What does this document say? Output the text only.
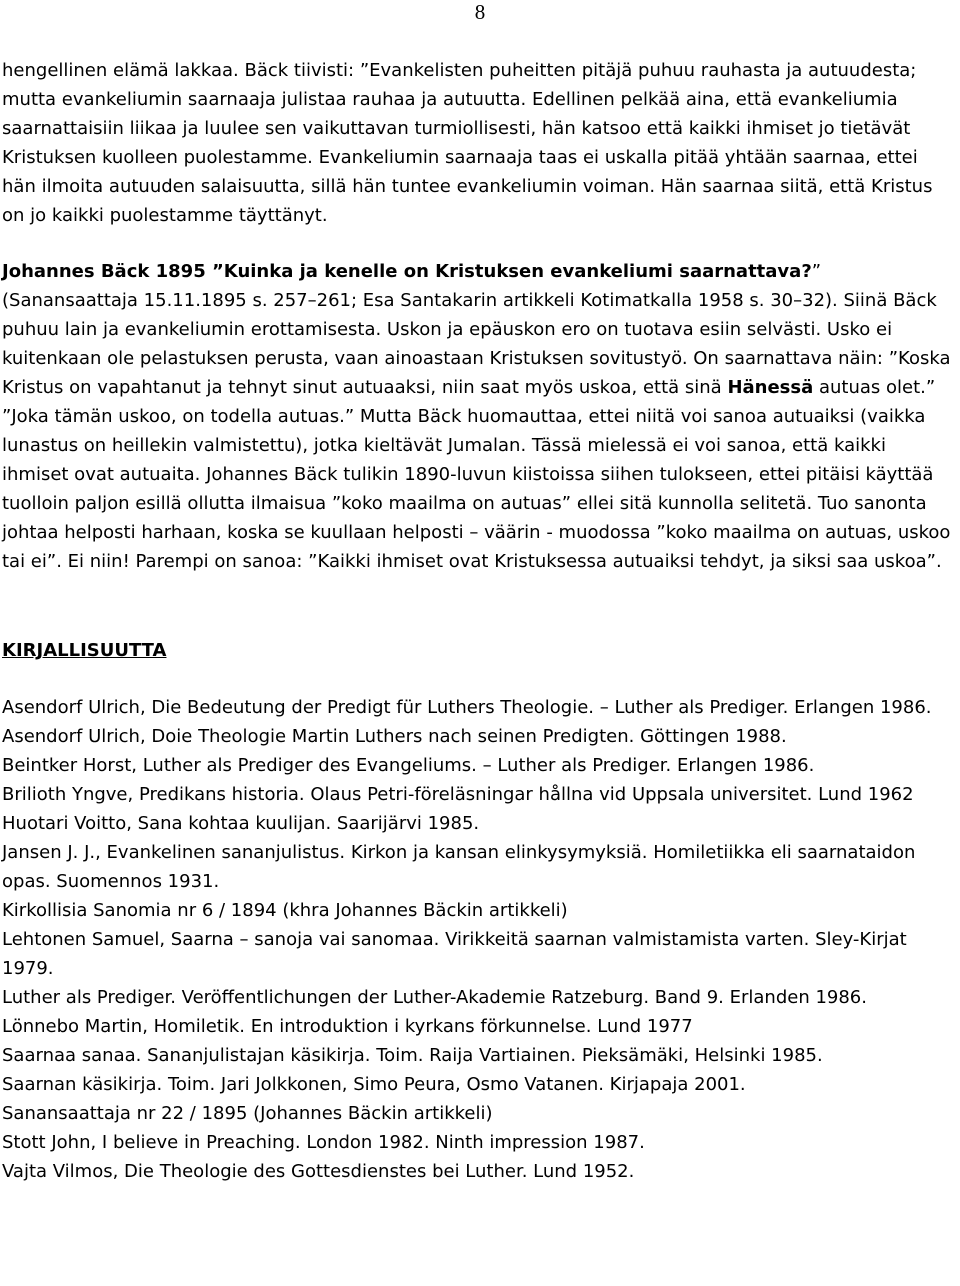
8

hengellinen elämä lakkaa. Bäck tiivisti: ”Evankelisten puheitten pitäjä puhuu rauhasta ja autuudesta; mutta evankeliumin saarnaaja julistaa rauhaa ja autuutta. Edellinen pelkää aina, että evankeliumia saarnattaisiin liikaa ja luulee sen vaikuttavan turmiollisesti, hän katsoo että kaikki ihmiset jo tietävät Kristuksen kuolleen puolestamme. Evankeliumin saarnaaja taas ei uskalla pitää yhtään saarnaa, ettei hän ilmoita autuuden salaisuutta, sillä hän tuntee evankeliumin voiman. Hän saarnaa siitä, että Kristus on jo kaikki puolestamme täyttänyt.

Johannes Bäck 1895 ”Kuinka ja kenelle on Kristuksen evankeliumi saarnattava?” (Sanansaattaja 15.11.1895 s. 257–261; Esa Santakarin artikkeli Kotimatkalla 1958 s. 30–32). Siinä Bäck puhuu lain ja evankeliumin erottamisesta. Uskon ja epäuskon ero on tuotava esiin selvästi. Usko ei kuitenkaan ole pelastuksen perusta, vaan ainoastaan Kristuksen sovitustyö. On saarnattava näin: ”Koska Kristus on vapahtanut ja tehnyt sinut autuaaksi, niin saat myös uskoa, että sinä Hänessä autuas olet.” ”Joka tämän uskoo, on todella autuas.” Mutta Bäck huomauttaa, ettei niitä voi sanoa autuaiksi (vaikka lunastus on heillekin valmistettu), jotka kieltävät Jumalan. Tässä mielessä ei voi sanoa, että kaikki ihmiset ovat autuaita. Johannes Bäck tulikin 1890-luvun kiistoissa siihen tulokseen, ettei pitäisi käyttää tuolloin paljon esillä ollutta ilmaisua ”koko maailma on autuas” ellei sitä kunnolla selitetä. Tuo sanonta johtaa helposti harhaan, koska se kuullaan helposti – väärin - muodossa ”koko maailma on autuas, uskoo tai ei”. Ei niin! Parempi on sanoa: ”Kaikki ihmiset ovat Kristuksessa autuaiksi tehdyt, ja siksi saa uskoa”.

KIRJALLISUUTTA

Asendorf Ulrich, Die Bedeutung der Predigt für Luthers Theologie. – Luther als Prediger. Erlangen 1986.

Asendorf Ulrich, Doie Theologie Martin Luthers nach seinen Predigten. Göttingen 1988.

Beintker Horst, Luther als Prediger des Evangeliums. – Luther als Prediger. Erlangen 1986.

Brilioth Yngve, Predikans historia. Olaus Petri-föreläsningar hållna vid Uppsala universitet. Lund 1962

Huotari Voitto, Sana kohtaa kuulijan. Saarijärvi 1985.

Jansen J. J., Evankelinen sananjulistus. Kirkon ja kansan elinkysymyksiä. Homiletiikka eli saarnataidon opas. Suomennos 1931.

Kirkollisia Sanomia nr 6 / 1894 (khra Johannes Bäckin artikkeli)

Lehtonen Samuel, Saarna – sanoja vai sanomaa. Virikkeitä saarnan valmistamista varten. Sley-Kirjat 1979.

Luther als Prediger. Veröffentlichungen der Luther-Akademie Ratzeburg. Band 9. Erlanden 1986.

Lönnebo Martin, Homiletik. En introduktion i kyrkans förkunnelse. Lund 1977

Saarnaa sanaa. Sananjulistajan käsikirja. Toim. Raija Vartiainen. Pieksämäki, Helsinki 1985.

Saarnan käsikirja. Toim. Jari Jolkkonen, Simo Peura, Osmo Vatanen. Kirjapaja 2001.

Sanansaattaja nr 22 / 1895 (Johannes Bäckin artikkeli)

Stott John, I believe in Preaching. London 1982. Ninth impression 1987.

Vajta Vilmos, Die Theologie des Gottesdienstes bei Luther. Lund 1952.
